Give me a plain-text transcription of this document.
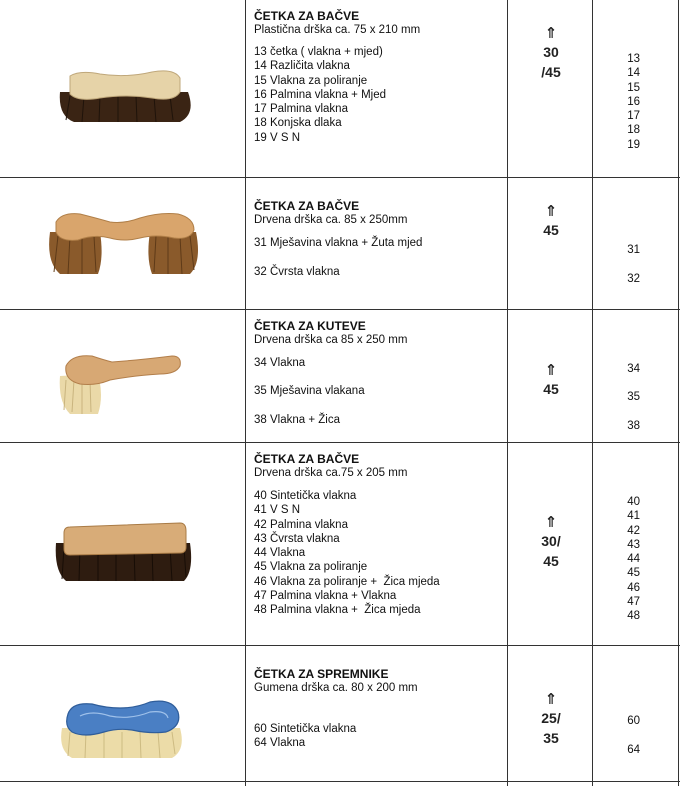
ČETKA ZA BAČVE
Plastična drška ca. 75 x 210 mm
13 četka ( vlakna + mjed)
14 Različita vlakna
15 Vlakna za poliranje
16 Palmina vlakna + Mjed
17 Palmina vlakna
18 Konjska dlaka
19 V S N
⇑
30
/45
13
14
15
16
17
18
19
ČETKA ZA BAČVE
Drvena drška ca. 85 x 250mm
31 Mješavina vlakna + Žuta mjed
32 Čvrsta vlakna
⇑
45
31
32
ČETKA ZA KUTEVE
Drvena drška ca 85 x 250 mm
34 Vlakna
35 Mješavina vlakana
38 Vlakna + Žica
⇑
45
34
35
38
ČETKA ZA BAČVE
Drvena drška ca.75 x 205 mm
40 Sintetička vlakna
41 V S N
42 Palmina vlakna
43 Čvrsta vlakna
44 Vlakna
45 Vlakna za poliranje
46 Vlakna za poliranje +  Žica mjeda
47 Palmina vlakna + Vlakna
48 Palmina vlakna +  Žica mjeda
⇑
30/
45
40
41
42
43
44
45
46
47
48
ČETKA ZA SPREMNIKE
Gumena drška ca. 80 x 200 mm
60 Sintetička vlakna
64 Vlakna
⇑
25/
35
60
64
